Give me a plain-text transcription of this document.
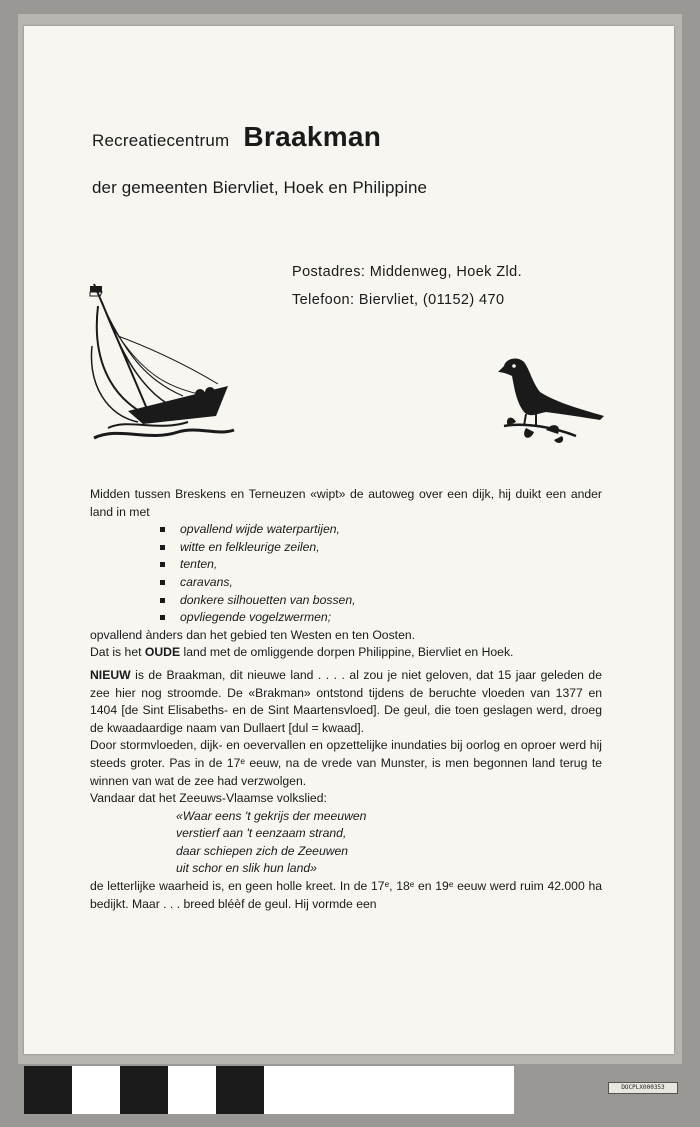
Recreatiecentrum Braakman
der gemeenten Biervliet, Hoek en Philippine
Postadres: Middenweg, Hoek Zld.
Telefoon: Biervliet, (01152) 470

Midden tussen Breskens en Terneuzen «wipt» de autoweg over een dijk, hij duikt een ander land in met

opvallend wijde waterpartijen,
witte en felkleurige zeilen,
tenten,
caravans,
donkere silhouetten van bossen,
opvliegende vogelzwermen;

opvallend ànders dan het gebied ten Westen en ten Oosten.

Dat is het OUDE land met de omliggende dorpen Philippine, Biervliet en Hoek.

NIEUW is de Braakman, dit nieuwe land . . . . al zou je niet geloven, dat 15 jaar geleden de zee hier nog stroomde. De «Brakman» ontstond tijdens de beruchte vloeden van 1377 en 1404 [de Sint Elisabeths- en de Sint Maartensvloed]. De geul, die toen geslagen werd, droeg de kwaadaardige naam van Dullaert [dul = kwaad].

Door stormvloeden, dijk- en oevervallen en opzettelijke inundaties bij oorlog en oproer werd hij steeds groter. Pas in de 17ᵉ eeuw, na de vrede van Munster, is men begonnen land terug te winnen van wat de zee had verzwolgen.

Vandaar dat het Zeeuws-Vlaamse volkslied:

«Waar eens 't gekrijs der meeuwen
verstierf aan 't eenzaam strand,
daar schiepen zich de Zeeuwen
uit schor en slik hun land»

de letterlijke waarheid is, en geen holle kreet. In de 17ᵉ, 18ᵉ en 19ᵉ eeuw werd ruim 42.000 ha bedijkt. Maar . . . breed bléèf de geul. Hij vormde een

DOCPLX000353
